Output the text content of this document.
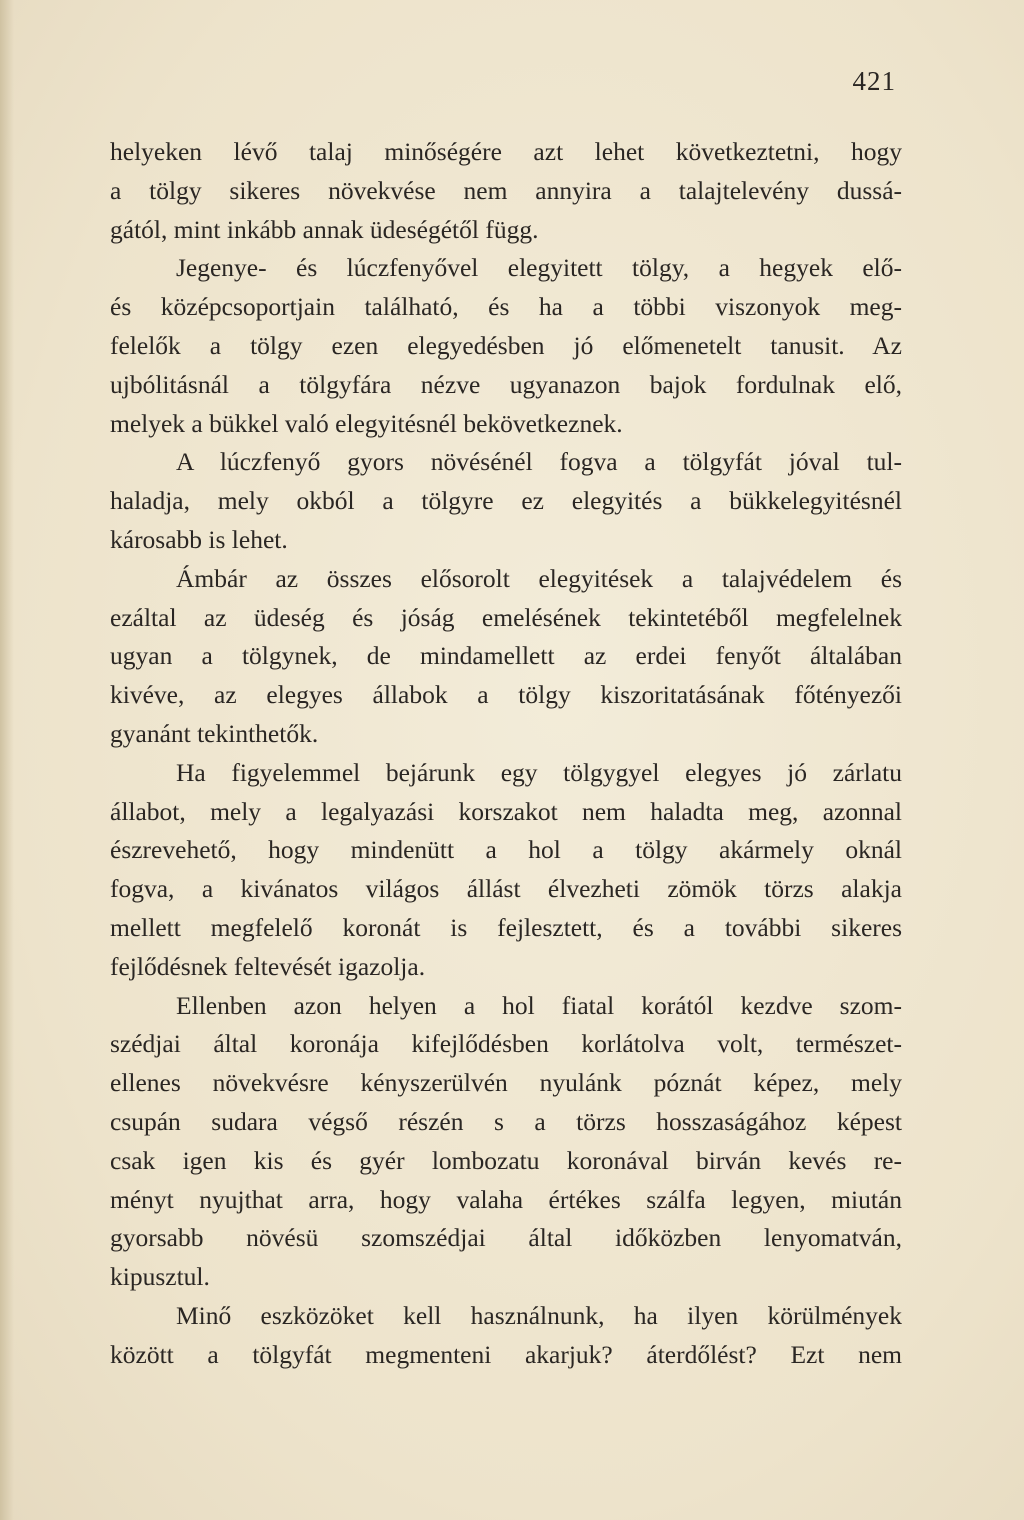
421
helyeken lévő talaj minőségére azt lehet következtetni, hogy
a tölgy sikeres növekvése nem annyira a talajtelevény dussá-
gától, mint inkább annak üdeségétől függ.
Jegenye- és lúczfenyővel elegyitett tölgy, a hegyek elő-
és középcsoportjain található, és ha a többi viszonyok meg-
felelők a tölgy ezen elegyedésben jó előmenetelt tanusit. Az
ujbólitásnál a tölgyfára nézve ugyanazon bajok fordulnak elő,
melyek a bükkel való elegyitésnél bekövetkeznek.
A lúczfenyő gyors növésénél fogva a tölgyfát jóval tul-
haladja, mely okból a tölgyre ez elegyités a bükkelegyitésnél
károsabb is lehet.
Ámbár az összes elősorolt elegyitések a talajvédelem és
ezáltal az üdeség és jóság emelésének tekintetéből megfelelnek
ugyan a tölgynek, de mindamellett az erdei fenyőt általában
kivéve, az elegyes állabok a tölgy kiszoritatásának főtényezői
gyanánt tekinthetők.
Ha figyelemmel bejárunk egy tölgygyel elegyes jó zárlatu
állabot, mely a legalyazási korszakot nem haladta meg, azonnal
észrevehető, hogy mindenütt a hol a tölgy akármely oknál
fogva, a kivánatos világos állást élvezheti zömök törzs alakja
mellett megfelelő koronát is fejlesztett, és a további sikeres
fejlődésnek feltevését igazolja.
Ellenben azon helyen a hol fiatal korától kezdve szom-
szédjai által koronája kifejlődésben korlátolva volt, természet-
ellenes növekvésre kényszerülvén nyulánk póznát képez, mely
csupán sudara végső részén s a törzs hosszaságához képest
csak igen kis és gyér lombozatu koronával birván kevés re-
ményt nyujthat arra, hogy valaha értékes szálfa legyen, miután
gyorsabb növésü szomszédjai által időközben lenyomatván,
kipusztul.
Minő eszközöket kell használnunk, ha ilyen körülmények
között a tölgyfát megmenteni akarjuk? áterdőlést? Ezt nem
